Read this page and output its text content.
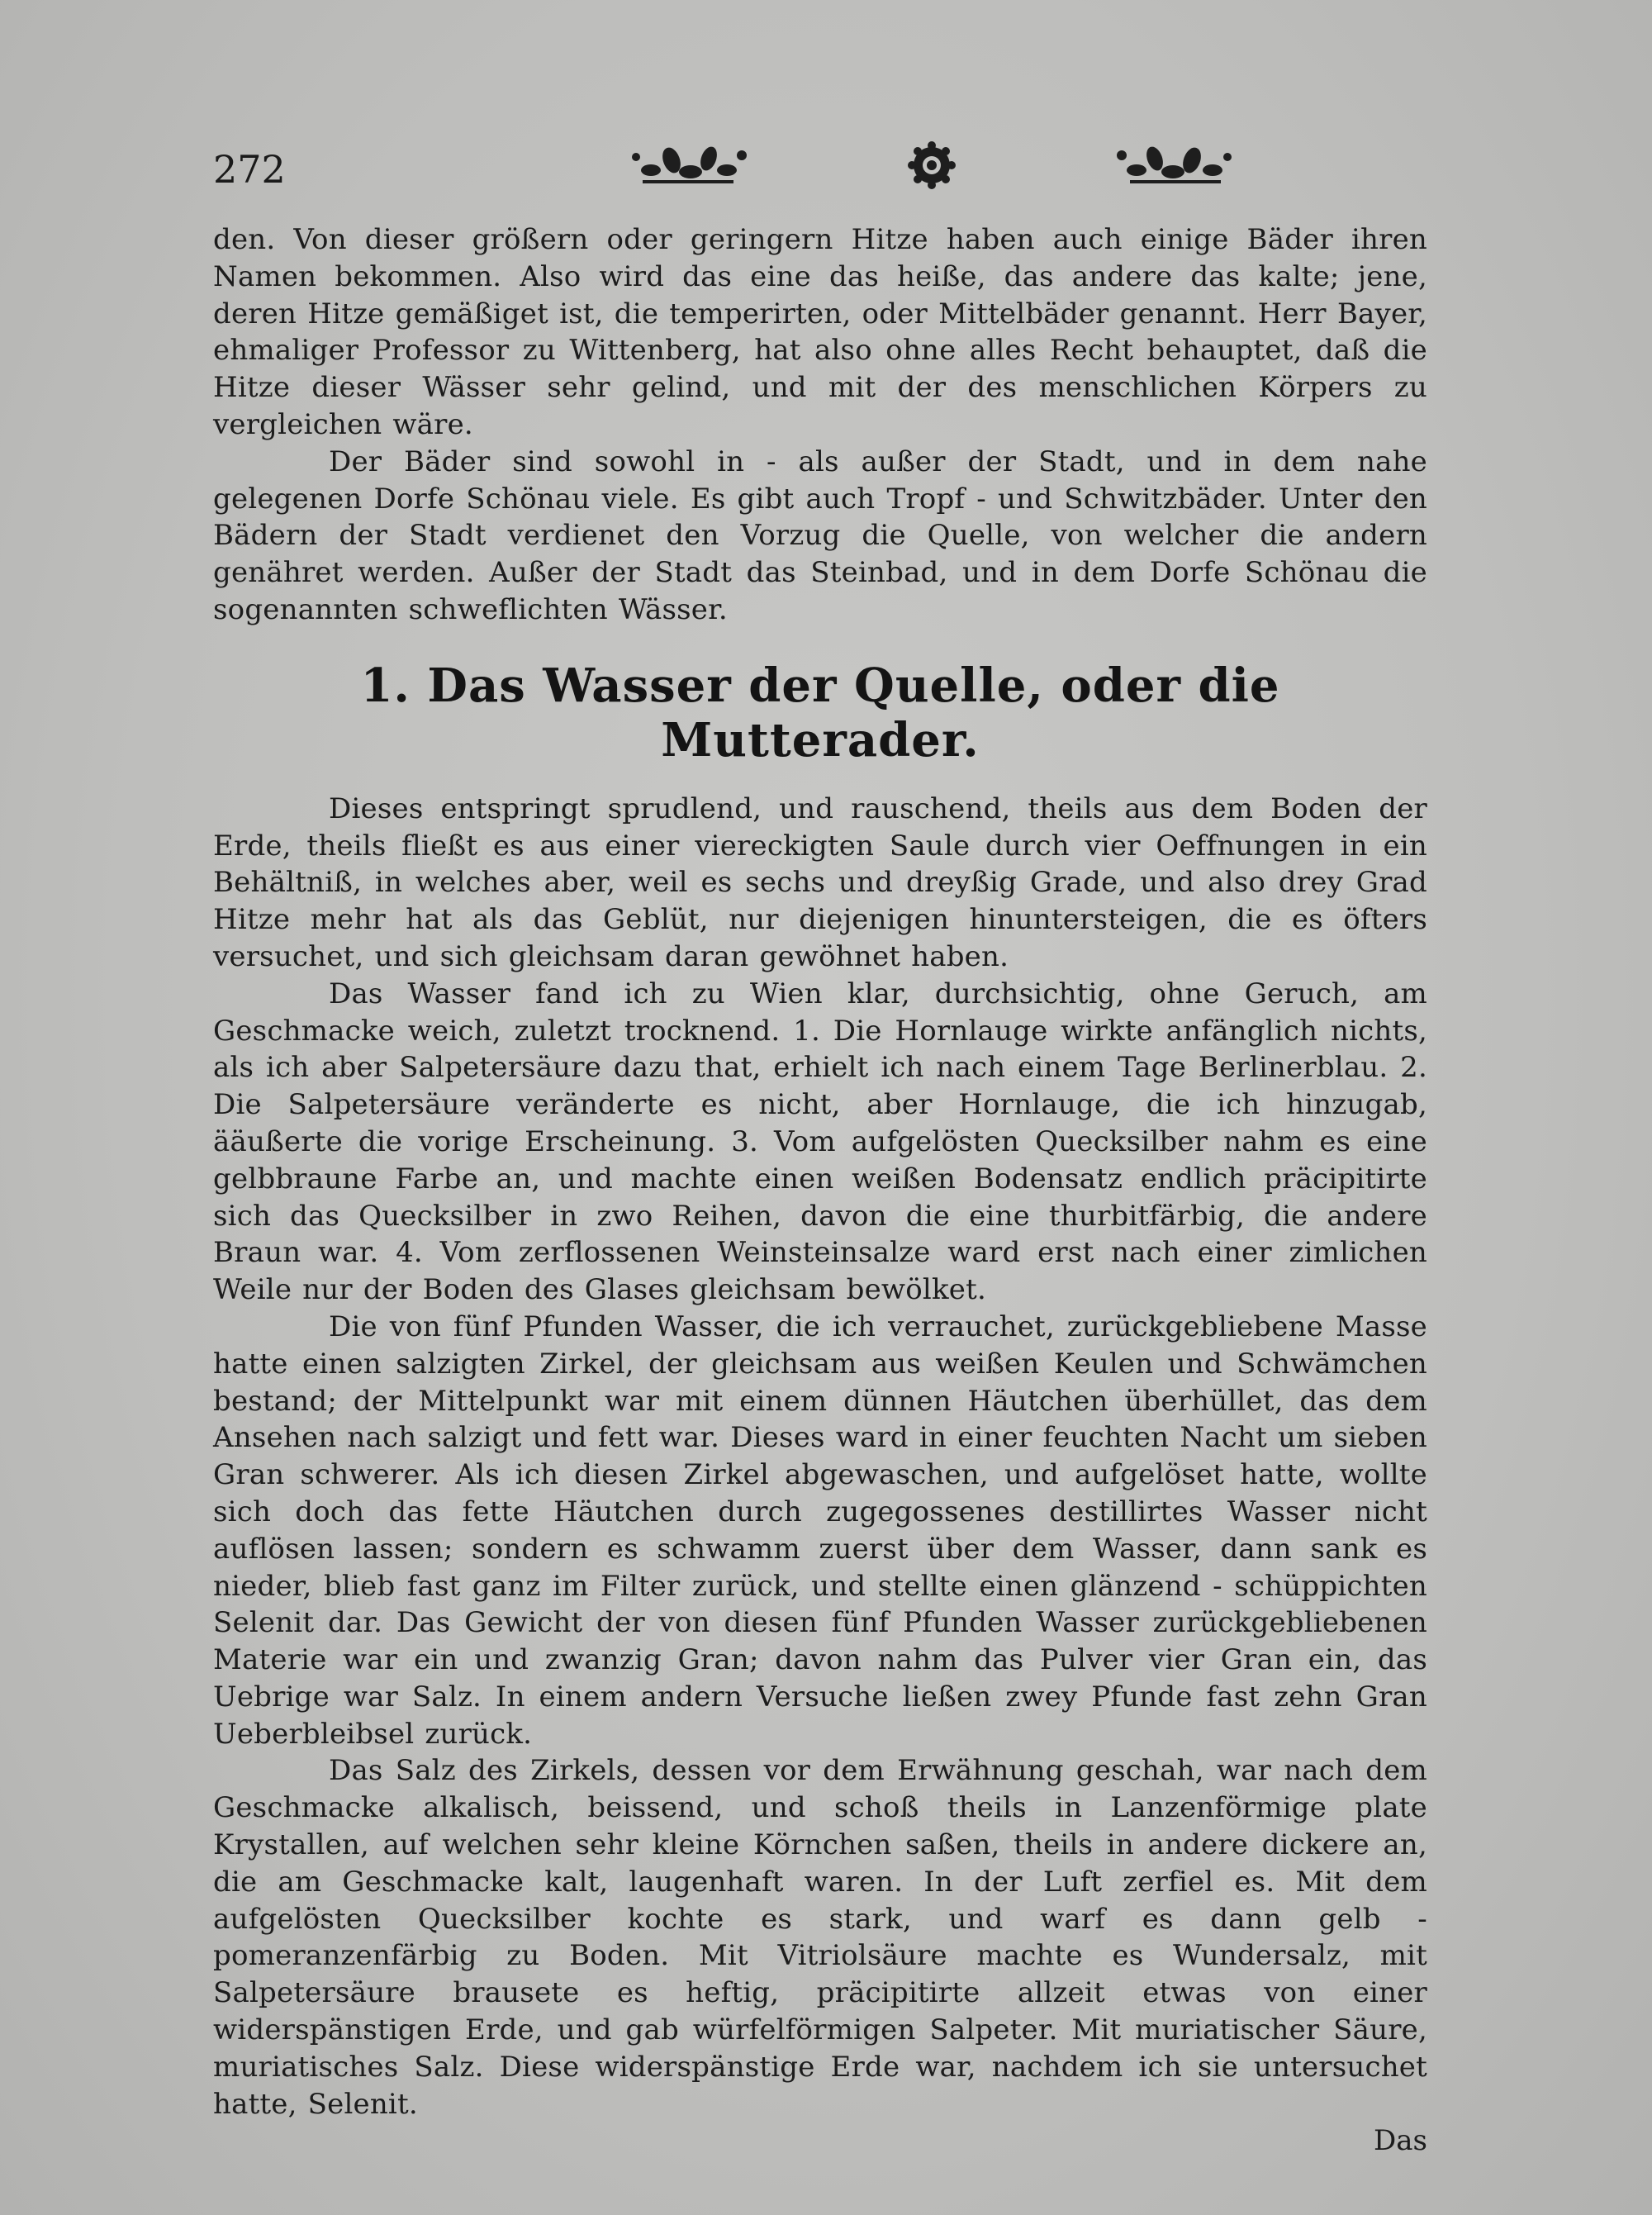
272

den. Von dieser größern oder geringern Hitze haben auch einige Bäder ihren Namen bekommen. Also wird das eine das heiße, das andere das kalte; jene, deren Hitze gemäßiget ist, die temperirten, oder Mittelbäder genannt. Herr Bayer, ehmaliger Professor zu Wittenberg, hat also ohne alles Recht behauptet, daß die Hitze dieser Wässer sehr gelind, und mit der des menschlichen Körpers zu vergleichen wäre.

Der Bäder sind sowohl in - als außer der Stadt, und in dem nahe gelegenen Dorfe Schönau viele. Es gibt auch Tropf - und Schwitzbäder. Unter den Bädern der Stadt verdienet den Vorzug die Quelle, von welcher die andern genähret werden. Außer der Stadt das Steinbad, und in dem Dorfe Schönau die sogenannten schweflichten Wässer.

1. Das Wasser der Quelle, oder die Mutterader.

Dieses entspringt sprudlend, und rauschend, theils aus dem Boden der Erde, theils fließt es aus einer viereckigten Saule durch vier Oeffnungen in ein Behältniß, in welches aber, weil es sechs und dreyßig Grade, und also drey Grad Hitze mehr hat als das Geblüt, nur diejenigen hinuntersteigen, die es öfters versuchet, und sich gleichsam daran gewöhnet haben.

Das Wasser fand ich zu Wien klar, durchsichtig, ohne Geruch, am Geschmacke weich, zuletzt trocknend. 1. Die Hornlauge wirkte anfänglich nichts, als ich aber Salpetersäure dazu that, erhielt ich nach einem Tage Berlinerblau. 2. Die Salpetersäure veränderte es nicht, aber Hornlauge, die ich hinzugab, ääußerte die vorige Erscheinung. 3. Vom aufgelösten Quecksilber nahm es eine gelbbraune Farbe an, und machte einen weißen Bodensatz endlich präcipitirte sich das Quecksilber in zwo Reihen, davon die eine thurbitfärbig, die andere Braun war. 4. Vom zerflossenen Weinsteinsalze ward erst nach einer zimlichen Weile nur der Boden des Glases gleichsam bewölket.

Die von fünf Pfunden Wasser, die ich verrauchet, zurückgebliebene Masse hatte einen salzigten Zirkel, der gleichsam aus weißen Keulen und Schwämchen bestand; der Mittelpunkt war mit einem dünnen Häutchen überhüllet, das dem Ansehen nach salzigt und fett war. Dieses ward in einer feuchten Nacht um sieben Gran schwerer. Als ich diesen Zirkel abgewaschen, und aufgelöset hatte, wollte sich doch das fette Häutchen durch zugegossenes destillirtes Wasser nicht auflösen lassen; sondern es schwamm zuerst über dem Wasser, dann sank es nieder, blieb fast ganz im Filter zurück, und stellte einen glänzend - schüppichten Selenit dar. Das Gewicht der von diesen fünf Pfunden Wasser zurückgebliebenen Materie war ein und zwanzig Gran; davon nahm das Pulver vier Gran ein, das Uebrige war Salz. In einem andern Versuche ließen zwey Pfunde fast zehn Gran Ueberbleibsel zurück.

Das Salz des Zirkels, dessen vor dem Erwähnung geschah, war nach dem Geschmacke alkalisch, beissend, und schoß theils in Lanzenförmige plate Krystallen, auf welchen sehr kleine Körnchen saßen, theils in andere dickere an, die am Geschmacke kalt, laugenhaft waren. In der Luft zerfiel es. Mit dem aufgelösten Quecksilber kochte es stark, und warf es dann gelb - pomeranzenfärbig zu Boden. Mit Vitriolsäure machte es Wundersalz, mit Salpetersäure brausete es heftig, präcipitirte allzeit etwas von einer widerspänstigen Erde, und gab würfelförmigen Salpeter. Mit muriatischer Säure, muriatisches Salz. Diese widerspänstige Erde war, nachdem ich sie untersuchet hatte, Selenit.

Das
